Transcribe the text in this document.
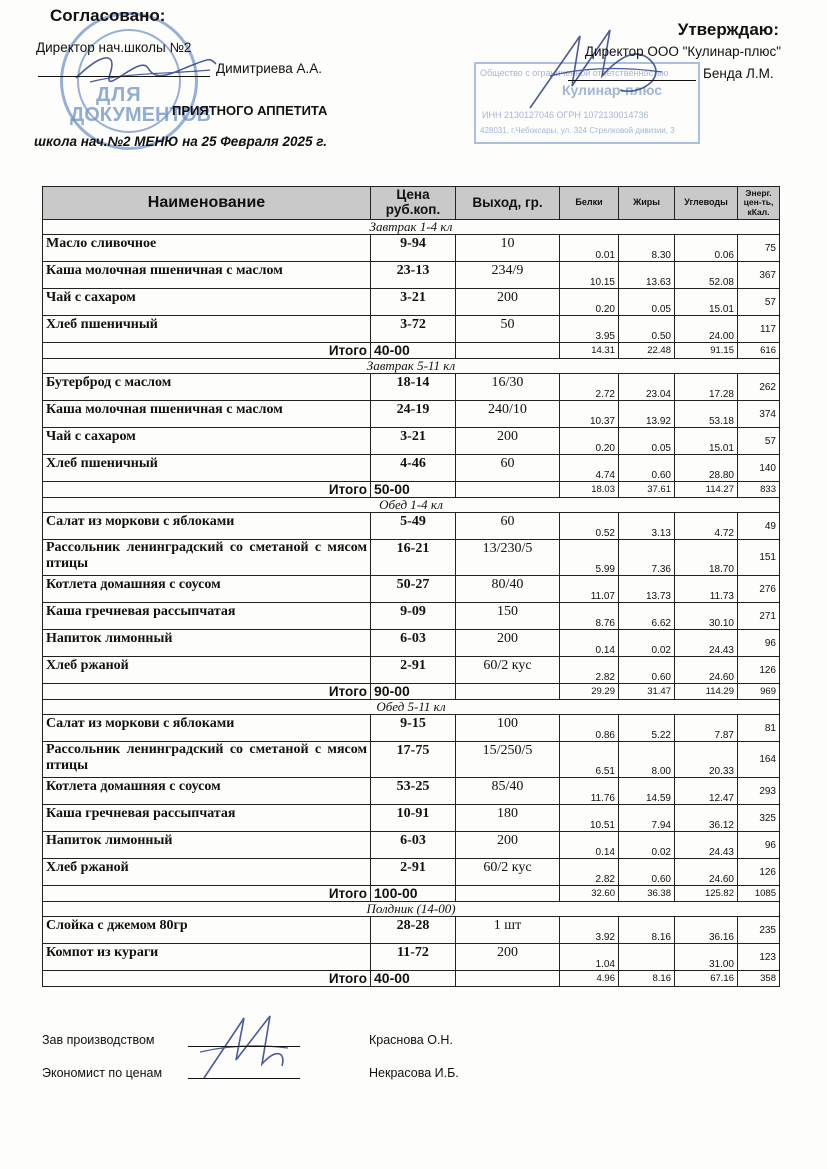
ДЛЯ
ДОКУМЕНТОВ
Общество с ограниченной ответственностью
Кулинар-плюс
ИНН 2130127046 ОГРН 1072130014736
428031, г.Чебоксары, ул. 324 Стрелковой дивизии, 3
Согласовано:
Директор нач.школы №2
Димитриева А.А.
ПРИЯТНОГО АППЕТИТА
школа нач.№2 МЕНЮ на 25 Февраля 2025 г.
Утверждаю:
Директор ООО "Кулинар-плюс"
Бенда Л.М.
Наименование	Цена руб.коп.	Выход, гр.	Белки	Жиры	Углеводы	Энерг. цен-ть, кКал.
Завтрак 1-4 кл						
Масло сливочное	9-94	10	0.01	8.30	0.06	75
Каша молочная пшеничная с маслом	23-13	234/9	10.15	13.63	52.08	367
Чай с сахаром	3-21	200	0.20	0.05	15.01	57
Хлеб пшеничный	3-72	50	3.95	0.50	24.00	117
Итого	40-00		14.31	22.48	91.15	616
Завтрак 5-11 кл						
Бутерброд с маслом	18-14	16/30	2.72	23.04	17.28	262
Каша молочная пшеничная с маслом	24-19	240/10	10.37	13.92	53.18	374
Чай с сахаром	3-21	200	0.20	0.05	15.01	57
Хлеб пшеничный	4-46	60	4.74	0.60	28.80	140
Итого	50-00		18.03	37.61	114.27	833
Обед 1-4 кл						
Салат из моркови с яблоками	5-49	60	0.52	3.13	4.72	49
Рассольник ленинградский со сметаной с мясом птицы	16-21	13/230/5	5.99	7.36	18.70	151
Котлета домашняя с соусом	50-27	80/40	11.07	13.73	11.73	276
Каша гречневая рассыпчатая	9-09	150	8.76	6.62	30.10	271
Напиток лимонный	6-03	200	0.14	0.02	24.43	96
Хлеб ржаной	2-91	60/2 кус	2.82	0.60	24.60	126
Итого	90-00		29.29	31.47	114.29	969
Обед 5-11 кл						
Салат из моркови с яблоками	9-15	100	0.86	5.22	7.87	81
Рассольник ленинградский со сметаной с мясом птицы	17-75	15/250/5	6.51	8.00	20.33	164
Котлета домашняя с соусом	53-25	85/40	11.76	14.59	12.47	293
Каша гречневая рассыпчатая	10-91	180	10.51	7.94	36.12	325
Напиток лимонный	6-03	200	0.14	0.02	24.43	96
Хлеб ржаной	2-91	60/2 кус	2.82	0.60	24.60	126
Итого	100-00		32.60	36.38	125.82	1085
Полдник (14-00)						
Слойка с джемом 80гр	28-28	1 шт	3.92	8.16	36.16	235
Компот из кураги	11-72	200	1.04		31.00	123
Итого	40-00		4.96	8.16	67.16	358
Зав производством	Краснова О.Н.
Экономист по ценам	Некрасова И.Б.
